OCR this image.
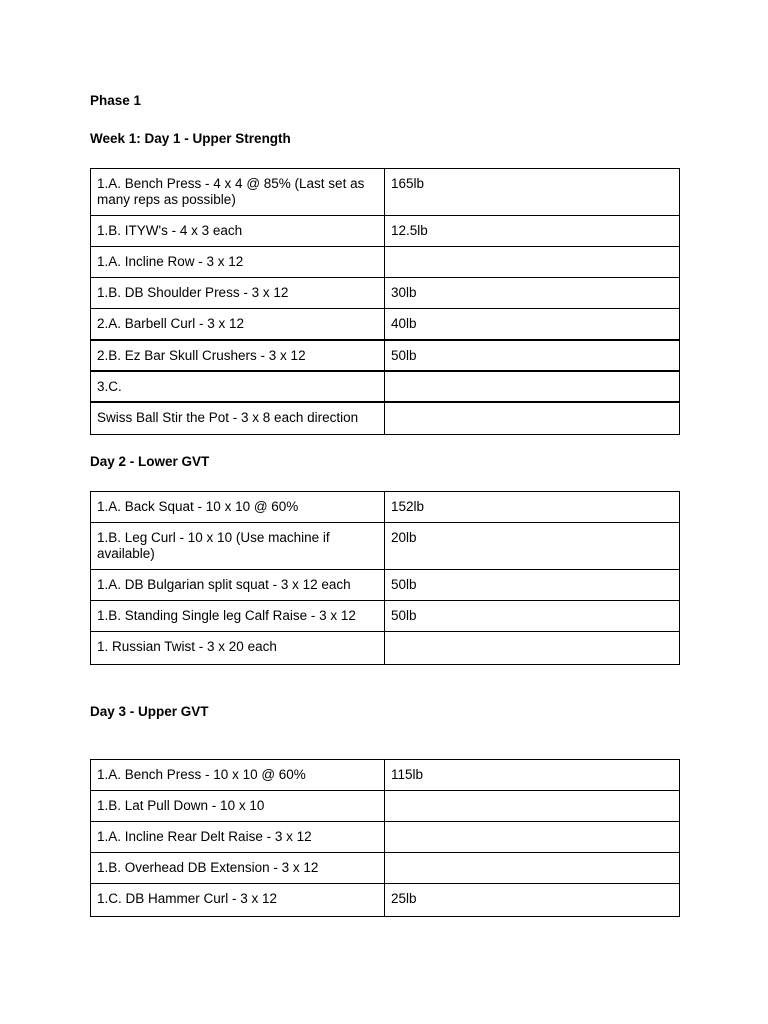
Phase 1

Week 1: Day 1 - Upper Strength

1.A. Bench Press - 4 x 4 @ 85% (Last set as many reps as possible)	165lb
1.B. ITYW's - 4 x 3 each	12.5lb
1.A. Incline Row - 3 x 12	
1.B. DB Shoulder Press - 3 x 12	30lb
2.A. Barbell Curl - 3 x 12	40lb
2.B. Ez Bar Skull Crushers - 3 x 12	50lb
3.C.	
Swiss Ball Stir the Pot - 3 x 8 each direction	

Day 2 - Lower GVT

1.A. Back Squat - 10 x 10 @ 60%	152lb
1.B. Leg Curl - 10 x 10 (Use machine if available)	20lb
1.A. DB Bulgarian split squat - 3 x 12 each	50lb
1.B. Standing Single leg Calf Raise - 3 x 12	50lb
1. Russian Twist - 3 x 20 each	

Day 3 - Upper GVT

1.A. Bench Press - 10 x 10 @ 60%	115lb
1.B. Lat Pull Down - 10 x 10	
1.A. Incline Rear Delt Raise - 3 x 12	
1.B. Overhead DB Extension - 3 x 12	
1.C. DB Hammer Curl - 3 x 12	25lb
